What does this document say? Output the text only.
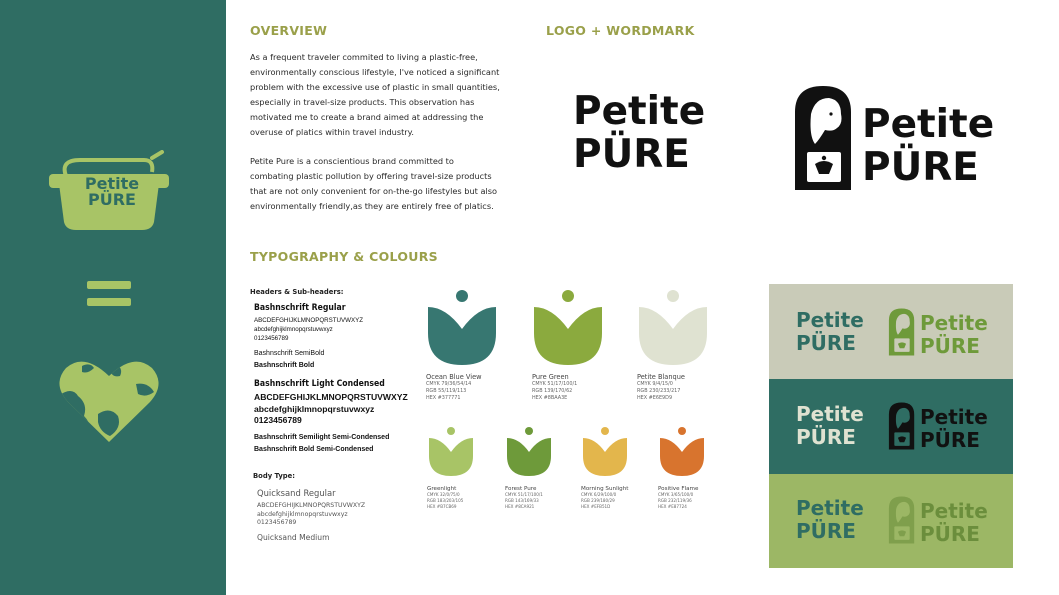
Petite
PÜRE
OVERVIEW

As a frequent traveler commited to living a plastic-free, environmentally conscious lifestyle, I've noticed a significant problem with the excessive use of plastic in small quantities, especially in travel-size products. This observation has motivated me to create a brand aimed at addressing the overuse of platics within travel industry.

Petite Pure is a conscientious brand committed to combating plastic pollution by offering travel-size products that are not only convenient for on-the-go lifestyles but also environmentally friendly,as they are entirely free of platics.

LOGO + WORDMARK
Petite
PÜRE
Petite
PÜRE
TYPOGRAPHY & COLOURS
Headers & Sub-headers:
Bashnschrift Regular
ABCDEFGHIJKLMNOPQRSTUVWXYZ
abcdefghijklmnopqrstuvwxyz
0123456789
Bashnschrift SemiBold
Bashnschrift Bold
Bashnschrift Light Condensed
ABCDEFGHIJKLMNOPQRSTUVWXYZ
abcdefghijklmnopqrstuvwxyz
0123456789
Bashnschrift Semilight Semi-Condensed
Bashnschrift Bold Semi-Condensed
Body Type:
Quicksand Regular
ABCDEFGHIJKLMNOPQRSTUVWXYZ
abcdefghijklmnopqrstuvwxyz
0123456789
Quicksand Medium
Ocean Blue View
CMYK 79/36/54/14
RGB 55/119/113
HEX #377771
Pure Green
CMYK 51/17/100/1
RGB 139/170/62
HEX #8BAA3E
Petite Blanque
CMYK 9/4/15/0
RGB 230/233/217
HEX #E6E9D9
Greenlight
CMYK 32/0/75/0
RGB 183/203/105
HEX #B7CB69
Forest Pure
CMYK 51/17/100/1
RGB 143/169/33
HEX #8CA921
Morning Sunlight
CMYK 6/29/100/0
RGB 239/180/29
HEX #EFB51D
Positive Flame
CMYK 3/65/100/0
RGB 232/119/36
HEX #E87724
Petite
PÜRE
Petite
PÜRE
Petite
PÜRE
Petite
PÜRE
Petite
PÜRE
Petite
PÜRE
